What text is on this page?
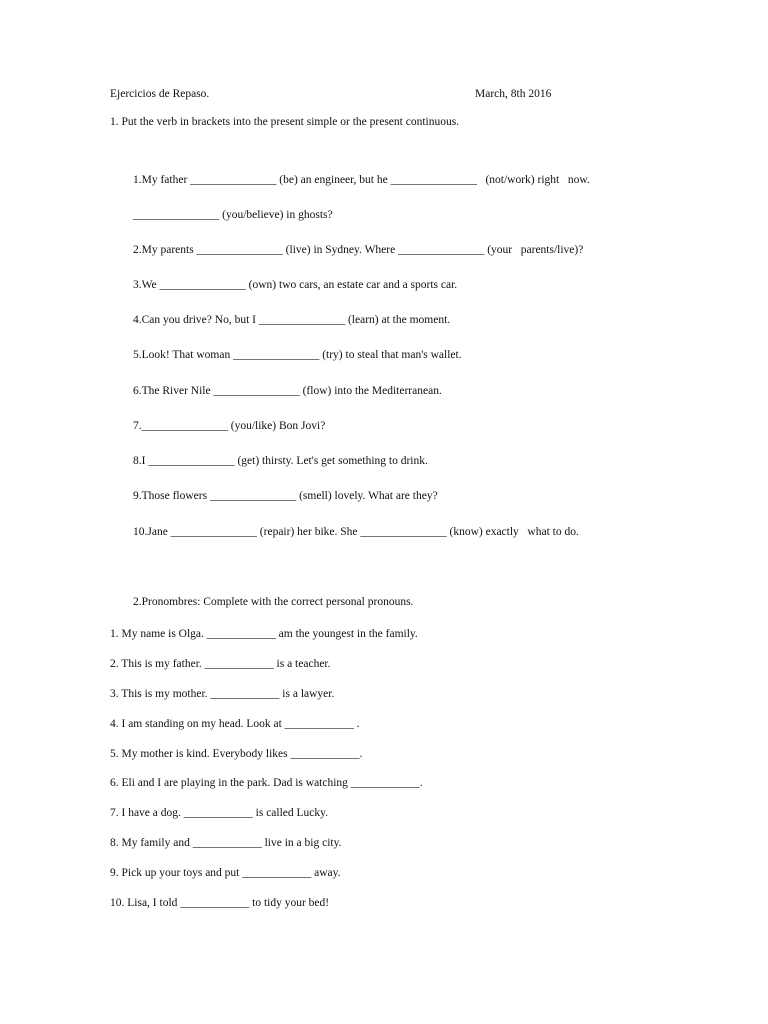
Ejercicios de Repaso.	March, 8th 2016
1. Put the verb in brackets into the present simple or the present continuous.
1.My father _______________ (be) an engineer, but he _______________   (not/work) right   now.
_______________ (you/believe) in ghosts?
2.My parents _______________ (live) in Sydney. Where _______________ (your   parents/live)?
3.We _______________ (own) two cars, an estate car and a sports car.
4.Can you drive? No, but I _______________ (learn) at the moment.
5.Look! That woman _______________ (try) to steal that man's wallet.
6.The River Nile _______________ (flow) into the Mediterranean.
7._______________ (you/like) Bon Jovi?
8.I _______________ (get) thirsty. Let's get something to drink.
9.Those flowers _______________ (smell) lovely. What are they?
10.Jane _______________ (repair) her bike. She _______________ (know) exactly   what to do.
2.Pronombres: Complete with the correct personal pronouns.
1. My name is Olga. ____________ am the youngest in the family.
2. This is my father. ____________ is a teacher.
3. This is my mother. ____________ is a lawyer.
4. I am standing on my head. Look at ____________ .
5. My mother is kind. Everybody likes ____________.
6. Eli and I are playing in the park. Dad is watching ____________.
7. I have a dog. ____________ is called Lucky.
8. My family and ____________ live in a big city.
9. Pick up your toys and put ____________ away.
10. Lisa, I told ____________ to tidy your bed!
